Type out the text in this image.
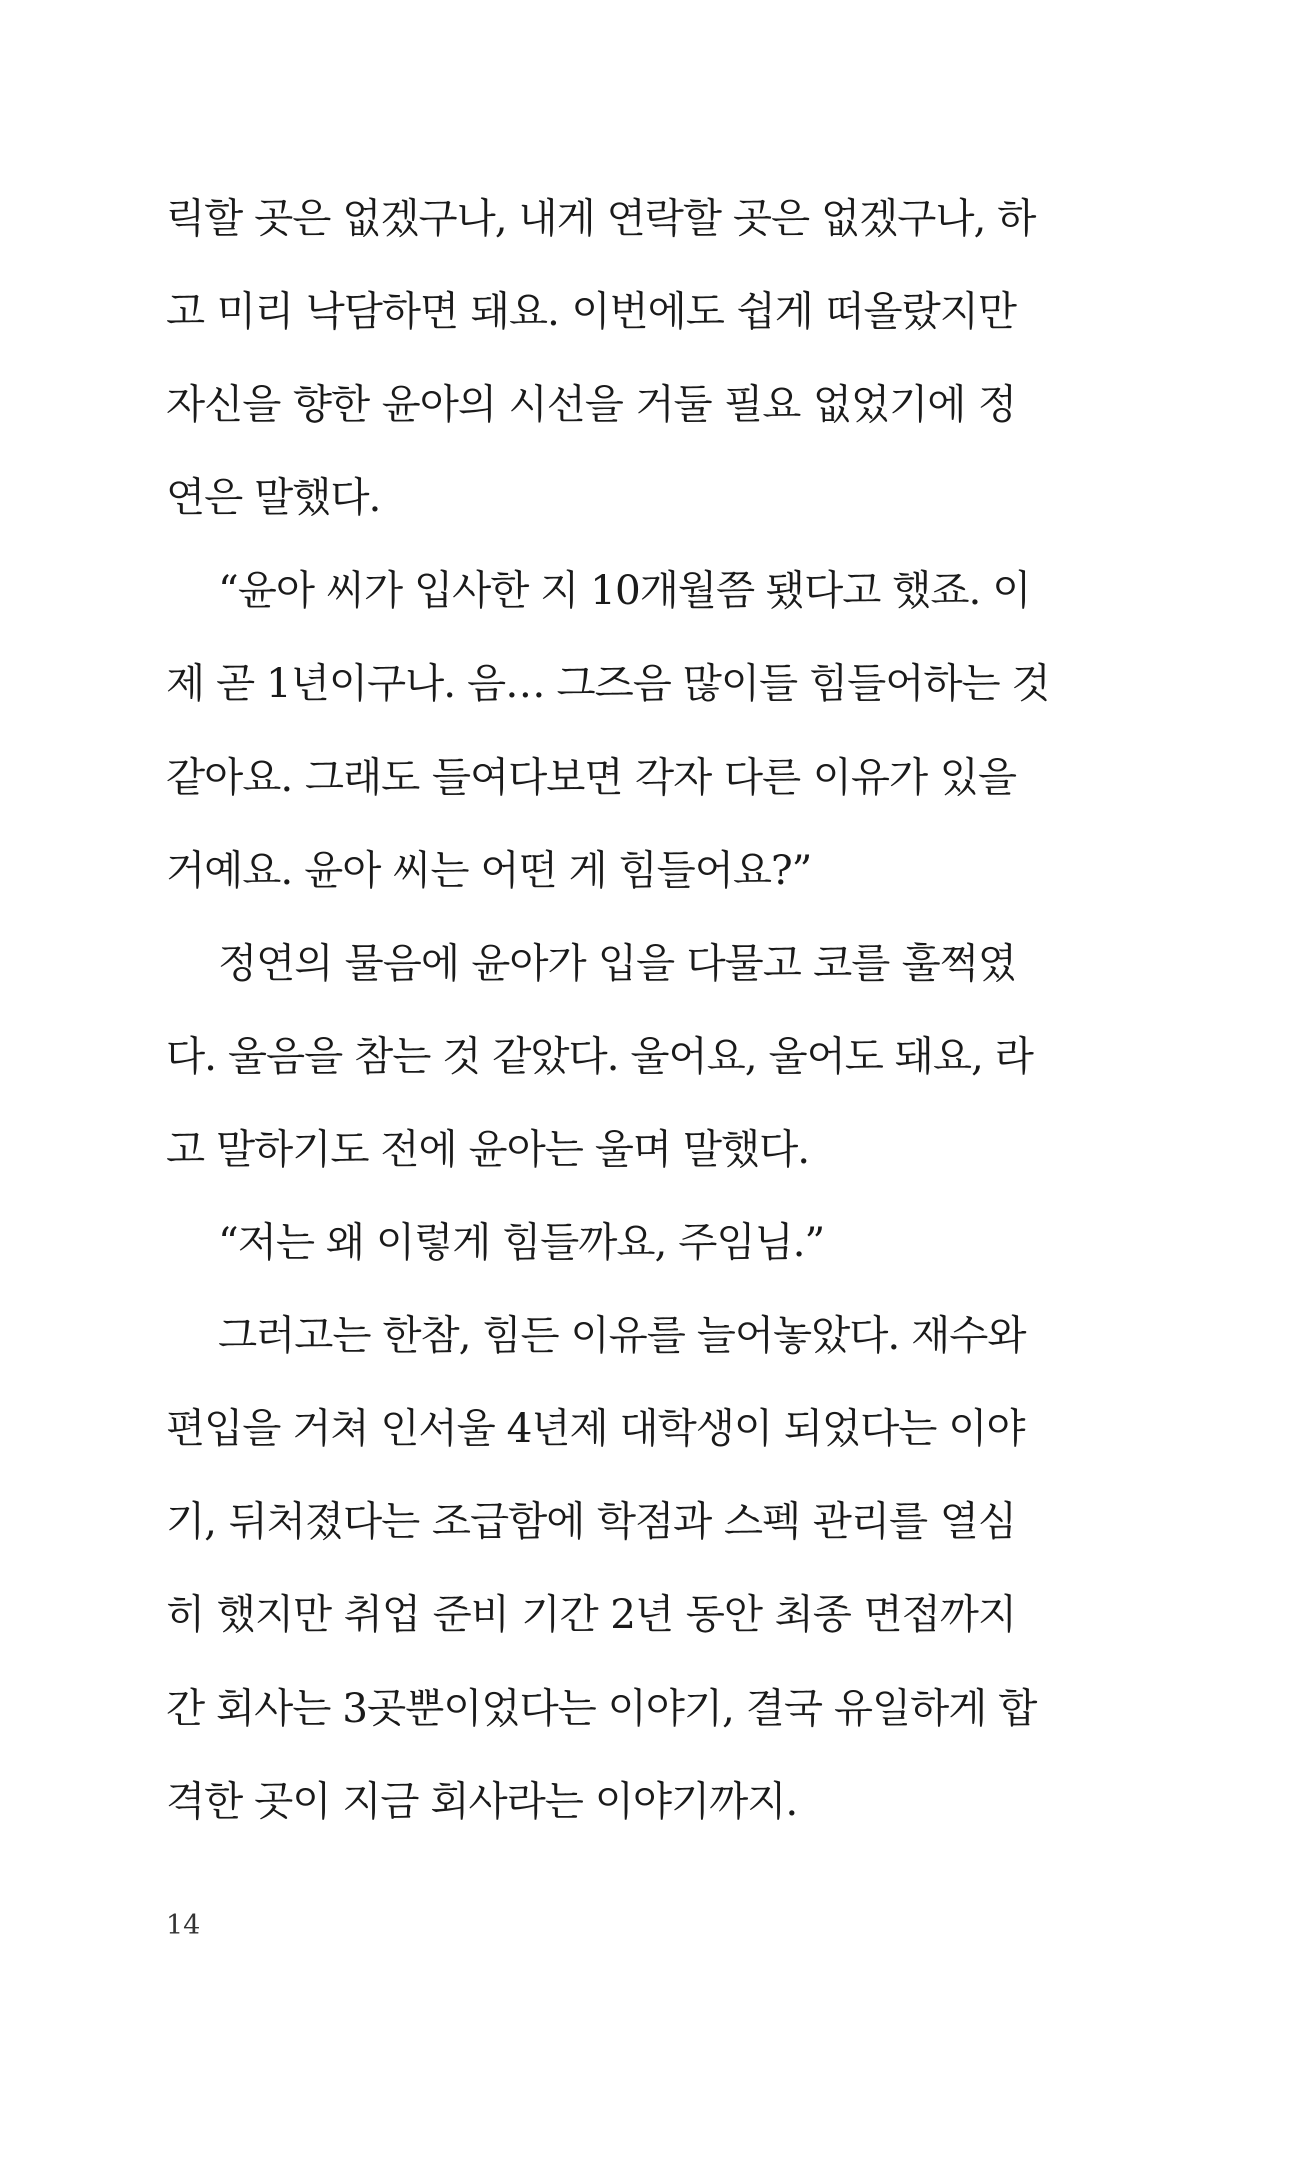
릭할 곳은 없겠구나, 내게 연락할 곳은 없겠구나, 하
고 미리 낙담하면 돼요. 이번에도 쉽게 떠올랐지만
자신을 향한 윤아의 시선을 거둘 필요 없었기에 정
연은 말했다.
“윤아 씨가 입사한 지 10개월쯤 됐다고 했죠. 이
제 곧 1년이구나. 음… 그즈음 많이들 힘들어하는 것
같아요. 그래도 들여다보면 각자 다른 이유가 있을
거예요. 윤아 씨는 어떤 게 힘들어요?”
정연의 물음에 윤아가 입을 다물고 코를 훌쩍였
다. 울음을 참는 것 같았다. 울어요, 울어도 돼요, 라
고 말하기도 전에 윤아는 울며 말했다.
“저는 왜 이렇게 힘들까요, 주임님.”
그러고는 한참, 힘든 이유를 늘어놓았다. 재수와
편입을 거쳐 인서울 4년제 대학생이 되었다는 이야
기, 뒤처졌다는 조급함에 학점과 스펙 관리를 열심
히 했지만 취업 준비 기간 2년 동안 최종 면접까지
간 회사는 3곳뿐이었다는 이야기, 결국 유일하게 합
격한 곳이 지금 회사라는 이야기까지.
14
